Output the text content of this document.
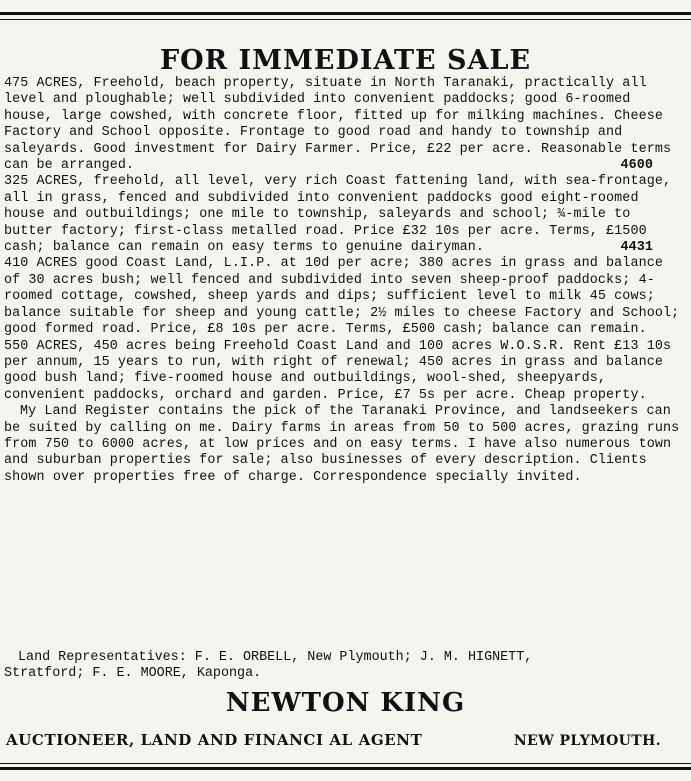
FOR IMMEDIATE SALE

475 ACRES, Freehold, beach property, situate in North Taranaki, practically all level and ploughable; well subdivided into convenient paddocks; good 6-roomed house, large cowshed, with concrete floor, fitted up for milking machines. Cheese Factory and School opposite. Frontage to good road and handy to township and saleyards. Good investment for Dairy Farmer. Price, £22 per acre. Reasonable terms can be arranged.	4600

325 ACRES, freehold, all level, very rich Coast fattening land, with sea-frontage, all in grass, fenced and subdivided into convenient paddocks good eight-roomed house and outbuildings; one mile to township, saleyards and school; ¾-mile to butter factory; first-class metalled road. Price £32 10s per acre. Terms, £1500 cash; balance can remain on easy terms to genuine dairyman.	4431

410 ACRES good Coast Land, L.I.P. at 10d per acre; 380 acres in grass and balance of 30 acres bush; well fenced and subdivided into seven sheep-proof paddocks; 4-roomed cottage, cowshed, sheep yards and dips; sufficient level to milk 45 cows; balance suitable for sheep and young cattle; 2½ miles to cheese Factory and School; good formed road. Price, £8 10s per acre. Terms, £500 cash; balance can remain.

550 ACRES, 450 acres being Freehold Coast Land and 100 acres W.O.S.R. Rent £13 10s per annum, 15 years to run, with right of renewal; 450 acres in grass and balance good bush land; five-roomed house and outbuildings, wool-shed, sheepyards, convenient paddocks, orchard and garden. Price, £7 5s per acre. Cheap property.

My Land Register contains the pick of the Taranaki Province, and landseekers can be suited by calling on me. Dairy farms in areas from 50 to 500 acres, grazing runs from 750 to 6000 acres, at low prices and on easy terms. I have also numerous town and suburban properties for sale; also businesses of every description. Clients shown over properties free of charge. Correspondence specially invited.

Land Representatives: F. E. ORBELL, New Plymouth; J. M. HIGNETT,
Stratford; F. E. MOORE, Kaponga.
NEWTON KING
AUCTIONEER, LAND AND FINANCI AL AGENT	NEW PLYMOUTH.
